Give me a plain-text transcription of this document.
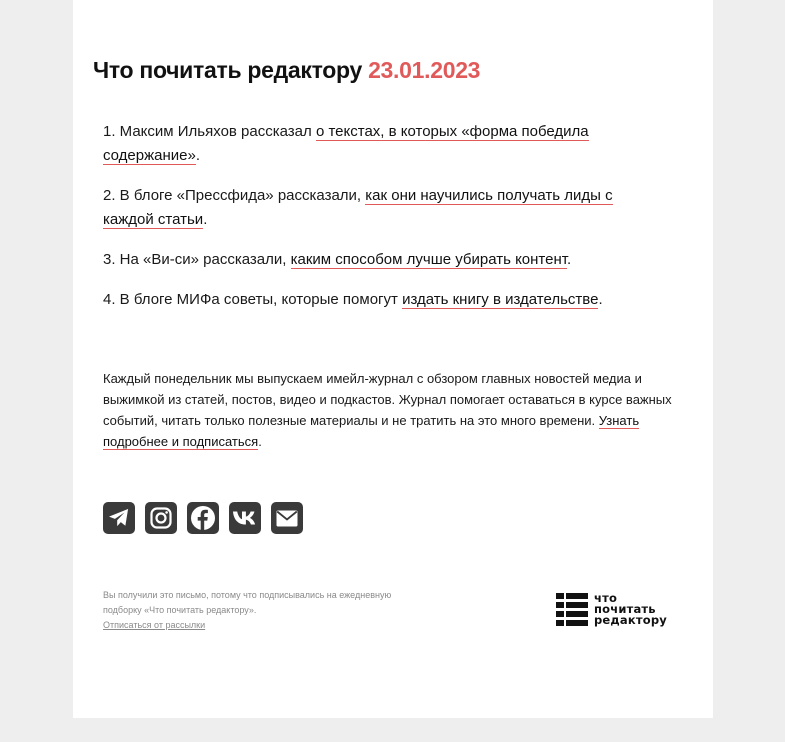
Что почитать редактору 23.01.2023
1. Максим Ильяхов рассказал о текстах, в которых «форма победила содержание».
2. В блоге «Прессфида» рассказали, как они научились получать лиды с каждой статьи.
3. На «Ви-си» рассказали, каким способом лучше убирать контент.
4. В блоге МИФа советы, которые помогут издать книгу в издательстве.

Каждый понедельник мы выпускаем имейл-журнал с обзором главных новостей медиа и выжимкой из статей, постов, видео и подкастов. Журнал помогает оставаться в курсе важных событий, читать только полезные материалы и не тратить на это много времени. Узнать подробнее и подписаться.

Вы получили это письмо, потому что подписывались на ежедневную подборку «Что почитать редактору».
Отписаться от рассылки

что
почитать
редактору
